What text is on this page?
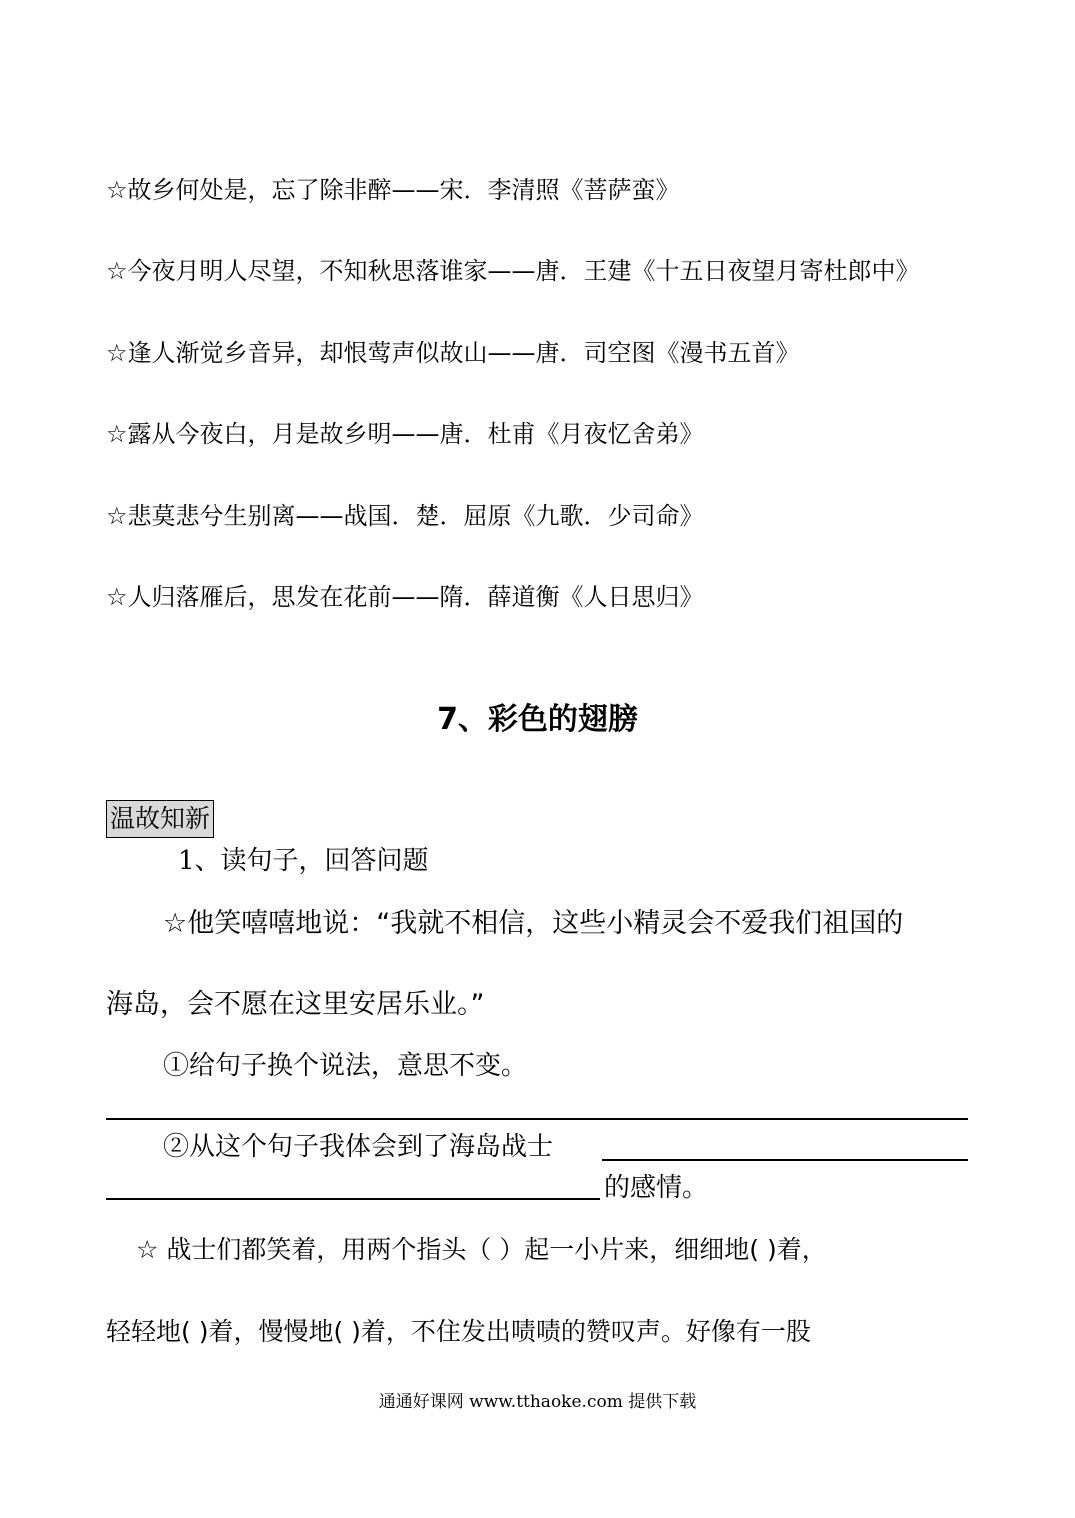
☆故乡何处是，忘了除非醉——宋．李清照《菩萨蛮》
☆今夜月明人尽望，不知秋思落谁家——唐．王建《十五日夜望月寄杜郎中》
☆逢人渐觉乡音异，却恨莺声似故山——唐．司空图《漫书五首》
☆露从今夜白，月是故乡明——唐．杜甫《月夜忆舍弟》
☆悲莫悲兮生别离——战国．楚．屈原《九歌．少司命》
☆人归落雁后，思发在花前——隋．薛道衡《人日思归》
7、彩色的翅膀
温故知新
1、读句子，回答问题
☆他笑嘻嘻地说：“我就不相信，这些小精灵会不爱我们祖国的
海岛，会不愿在这里安居乐业。”
①给句子换个说法，意思不变。
②从这个句子我体会到了海岛战士
的感情。
☆ 战士们都笑着，用两个指头（ ）起一小片来，细细地( )着，
轻轻地( )着，慢慢地( )着，不住发出啧啧的赞叹声。好像有一股
通通好课网 www.tthaoke.com 提供下载
